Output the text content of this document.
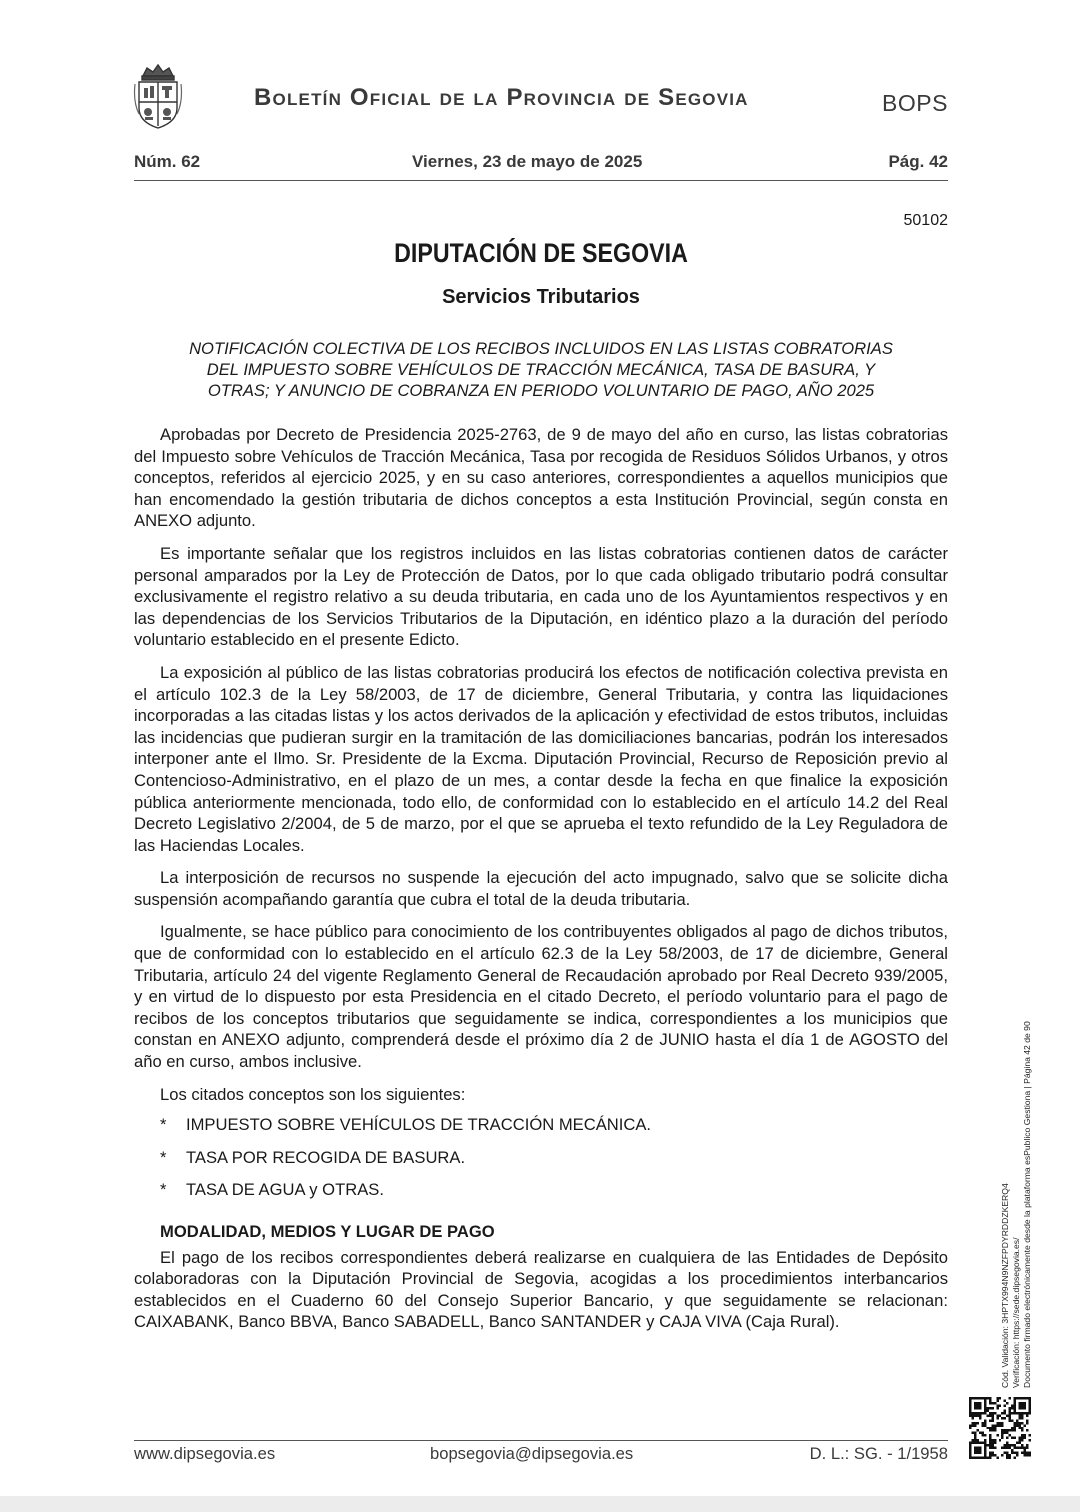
Boletín Oficial de la Provincia de Segovia	BOPS
Núm. 62	Viernes, 23 de mayo de 2025	Pág. 42
50102
DIPUTACIÓN DE SEGOVIA
Servicios Tributarios
NOTIFICACIÓN COLECTIVA DE LOS RECIBOS INCLUIDOS EN LAS LISTAS COBRATORIAS
DEL IMPUESTO SOBRE VEHÍCULOS DE TRACCIÓN MECÁNICA, TASA DE BASURA, Y
OTRAS; Y ANUNCIO DE COBRANZA EN PERIODO VOLUNTARIO DE PAGO, AÑO 2025

Aprobadas por Decreto de Presidencia 2025-2763, de 9 de mayo del año en curso, las listas cobratorias del Impuesto sobre Vehículos de Tracción Mecánica, Tasa por recogida de Residuos Sólidos Urbanos, y otros conceptos, referidos al ejercicio 2025, y en su caso anteriores, correspondientes a aquellos municipios que han encomendado la gestión tributaria de dichos conceptos a esta Institución Provincial, según consta en ANEXO adjunto.

Es importante señalar que los registros incluidos en las listas cobratorias contienen datos de carácter personal amparados por la Ley de Protección de Datos, por lo que cada obligado tributario podrá consultar exclusivamente el registro relativo a su deuda tributaria, en cada uno de los Ayuntamientos respectivos y en las dependencias de los Servicios Tributarios de la Diputación, en idéntico plazo a la duración del período voluntario establecido en el presente Edicto.

La exposición al público de las listas cobratorias producirá los efectos de notificación colectiva prevista en el artículo 102.3 de la Ley 58/2003, de 17 de diciembre, General Tributaria, y contra las liquidaciones incorporadas a las citadas listas y los actos derivados de la aplicación y efectividad de estos tributos, incluidas las incidencias que pudieran surgir en la tramitación de las domiciliaciones bancarias, podrán los interesados interponer ante el Ilmo. Sr. Presidente de la Excma. Diputación Provincial, Recurso de Reposición previo al Contencioso-Administrativo, en el plazo de un mes, a contar desde la fecha en que finalice la exposición pública anteriormente mencionada, todo ello, de conformidad con lo establecido en el artículo 14.2 del Real Decreto Legislativo 2/2004, de 5 de marzo, por el que se aprueba el texto refundido de la Ley Reguladora de las Haciendas Locales.

La interposición de recursos no suspende la ejecución del acto impugnado, salvo que se solicite dicha suspensión acompañando garantía que cubra el total de la deuda tributaria.

Igualmente, se hace público para conocimiento de los contribuyentes obligados al pago de dichos tributos, que de conformidad con lo establecido en el artículo 62.3 de la Ley 58/2003, de 17 de diciembre, General Tributaria, artículo 24 del vigente Reglamento General de Recaudación aprobado por Real Decreto 939/2005, y en virtud de lo dispuesto por esta Presidencia en el citado Decreto, el período voluntario para el pago de recibos de los conceptos tributarios que seguidamente se indica, correspondientes a los municipios que constan en ANEXO adjunto, comprenderá desde el próximo día 2 de JUNIO hasta el día 1 de AGOSTO del año en curso, ambos inclusive.

Los citados conceptos son los siguientes:
* IMPUESTO SOBRE VEHÍCULOS DE TRACCIÓN MECÁNICA.
* TASA POR RECOGIDA DE BASURA.
* TASA DE AGUA y OTRAS.
MODALIDAD, MEDIOS Y LUGAR DE PAGO

El pago de los recibos correspondientes deberá realizarse en cualquiera de las Entidades de Depósito colaboradoras con la Diputación Provincial de Segovia, acogidas a los procedimientos interbancarios establecidos en el Cuaderno 60 del Consejo Superior Bancario, y que seguidamente se relacionan: CAIXABANK, Banco BBVA, Banco SABADELL, Banco SANTANDER y CAJA VIVA (Caja Rural).	Cód. Validación: 3HPTX994N9NZFPDYRDDZKERQ4 Verificación: https://sede.dipsegovia.es/ Documento firmado electrónicamente desde la plataforma esPublico Gestiona | Página 42 de 90
www.dipsegovia.es	bopsegovia@dipsegovia.es	D. L.: SG. - 1/1958
